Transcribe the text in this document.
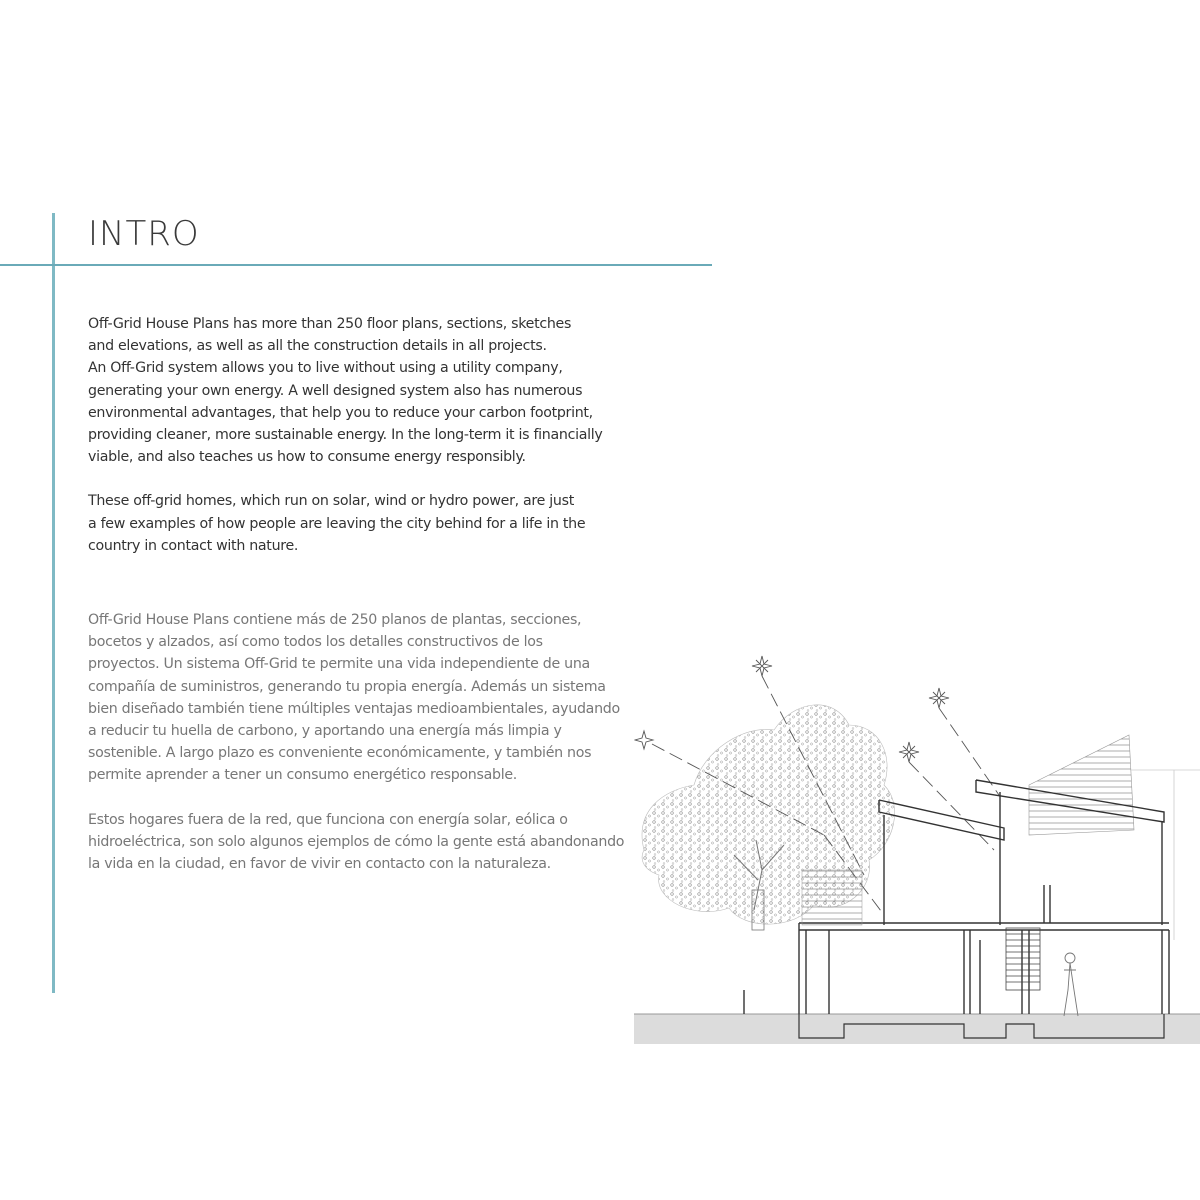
INTRO

Off-Grid House Plans has more than 250 floor plans, sections, sketches
and elevations, as well as all the construction details in all projects.
An Off-Grid system allows you to live without using a utility company,
generating your own energy. A well designed system also has numerous
environmental advantages, that help you to reduce your carbon footprint,
providing cleaner, more sustainable energy. In the long-term it is financially
viable, and also teaches us how to consume energy responsibly.

These off-grid homes, which run on solar, wind or hydro power, are just
a few examples of how people are leaving the city behind for a life in the
country in contact with nature.

Off-Grid House Plans contiene más de 250 planos de plantas, secciones,
bocetos y alzados, así como todos los detalles constructivos de los
proyectos. Un sistema Off-Grid te permite una vida independiente de una
compañía de suministros, generando tu propia energía. Además un sistema
bien diseñado también tiene múltiples ventajas medioambientales, ayudando
a reducir tu huella de carbono, y aportando una energía más limpia y
sostenible. A largo plazo es conveniente económicamente, y también nos
permite aprender a tener un consumo energético responsable.

Estos hogares fuera de la red, que funciona con energía solar, eólica o
hidroeléctrica, son solo algunos ejemplos de cómo la gente está abandonando
la vida en la ciudad, en favor de vivir en contacto con la naturaleza.
